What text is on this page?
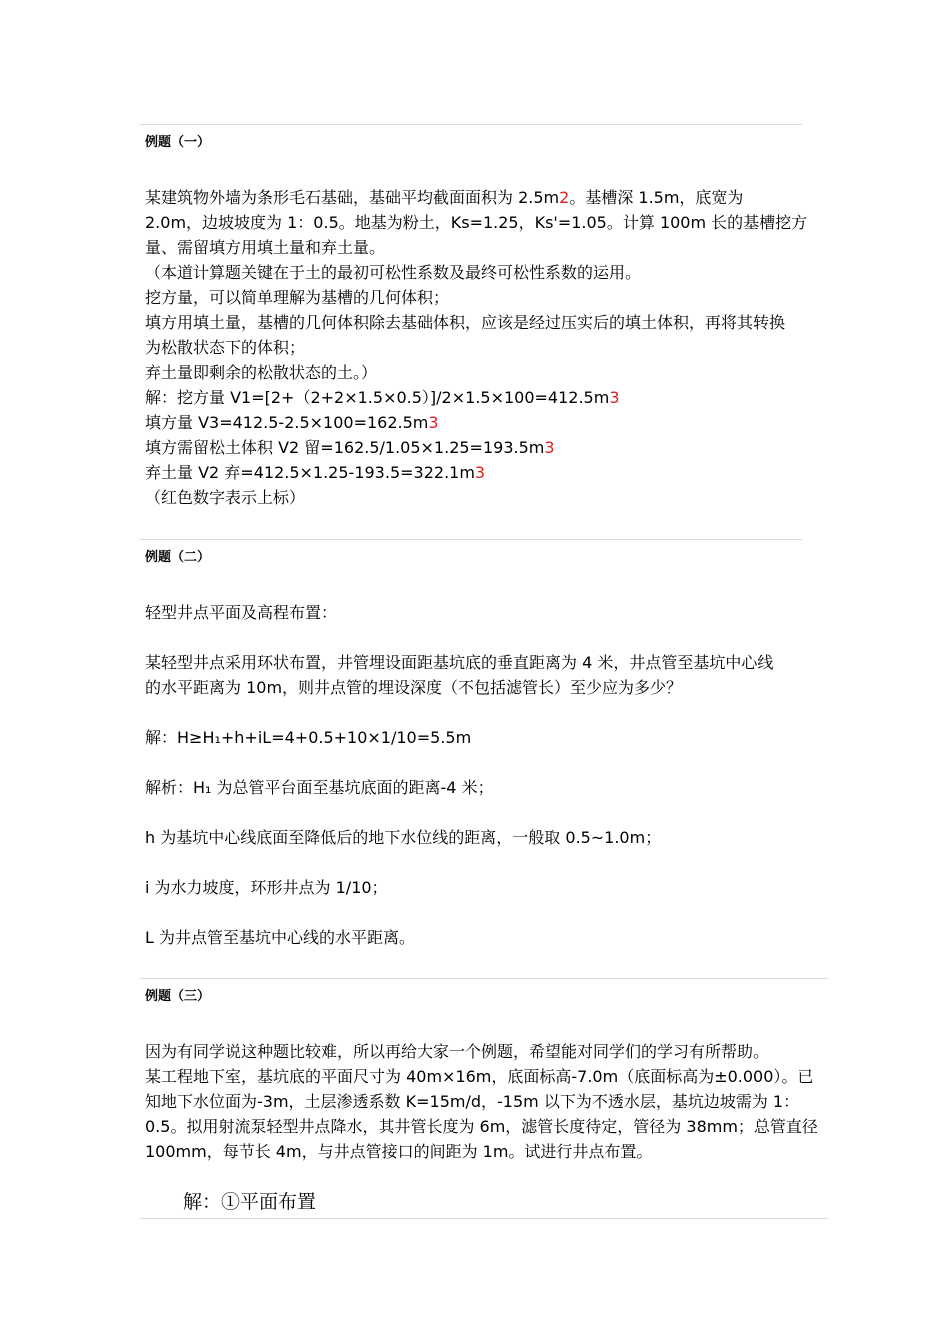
例题（一）
某建筑物外墙为条形毛石基础，基础平均截面面积为 2.5m2。基槽深 1.5m，底宽为
2.0m，边坡坡度为 1：0.5。地基为粉土，Ks=1.25，Ks'=1.05。计算 100m 长的基槽挖方
量、需留填方用填土量和弃土量。
（本道计算题关键在于土的最初可松性系数及最终可松性系数的运用。
挖方量，可以简单理解为基槽的几何体积；
填方用填土量，基槽的几何体积除去基础体积，应该是经过压实后的填土体积，再将其转换
为松散状态下的体积；
弃土量即剩余的松散状态的土。）
解：挖方量 V1=[2+（2+2×1.5×0.5）]/2×1.5×100=412.5m3
填方量 V3=412.5-2.5×100=162.5m3
填方需留松土体积 V2 留=162.5/1.05×1.25=193.5m3
弃土量 V2 弃=412.5×1.25-193.5=322.1m3
（红色数字表示上标）
例题（二）
轻型井点平面及高程布置：
某轻型井点采用环状布置，井管埋设面距基坑底的垂直距离为 4 米，井点管至基坑中心线
的水平距离为 10m，则井点管的埋设深度（不包括滤管长）至少应为多少？
解：H≥H₁+h+iL=4+0.5+10×1/10=5.5m
解析：H₁ 为总管平台面至基坑底面的距离-4 米；
h 为基坑中心线底面至降低后的地下水位线的距离，一般取 0.5~1.0m；
i 为水力坡度，环形井点为 1/10；
L 为井点管至基坑中心线的水平距离。
例题（三）
因为有同学说这种题比较难，所以再给大家一个例题，希望能对同学们的学习有所帮助。
某工程地下室，基坑底的平面尺寸为 40m×16m，底面标高-7.0m（底面标高为±0.000）。已
知地下水位面为-3m，土层渗透系数 K=15m/d，-15m 以下为不透水层，基坑边坡需为 1：
0.5。拟用射流泵轻型井点降水，其井管长度为 6m，滤管长度待定，管径为 38mm；总管直径
100mm，每节长 4m，与井点管接口的间距为 1m。试进行井点布置。
解：①平面布置
